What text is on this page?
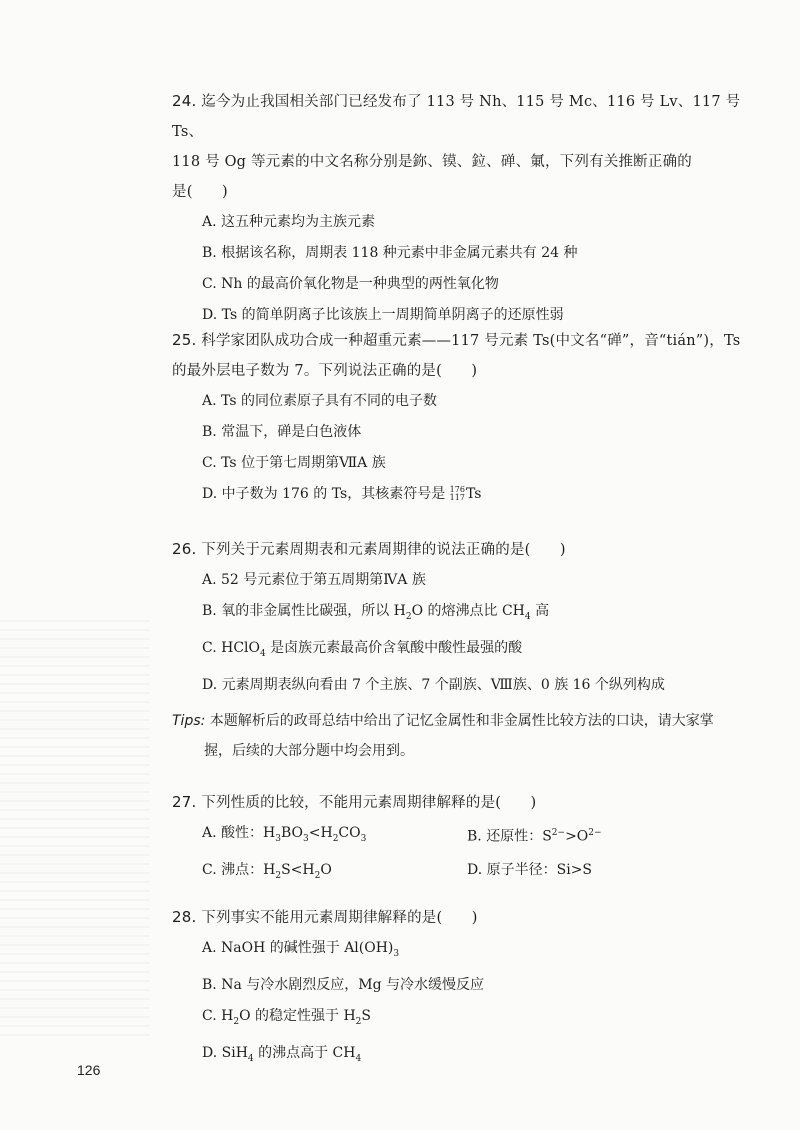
24. 迄今为止我国相关部门已经发布了 113 号 Nh、115 号 Mc、116 号 Lv、117 号 Ts、
118 号 Og 等元素的中文名称分别是鉨、镆、鉝、䃅、氭，下列有关推断正确的
是(　　)
A. 这五种元素均为主族元素
B. 根据该名称，周期表 118 种元素中非金属元素共有 24 种
C. Nh 的最高价氧化物是一种典型的两性氧化物
D. Ts 的简单阴离子比该族上一周期简单阴离子的还原性弱
25. 科学家团队成功合成一种超重元素——117 号元素 Ts(中文名“䃅”，音“tián”)，Ts
的最外层电子数为 7。下列说法正确的是(　　)
A. Ts 的同位素原子具有不同的电子数
B. 常温下，䃅是白色液体
C. Ts 位于第七周期第ⅦA 族
D. 中子数为 176 的 Ts，其核素符号是 176
117 Ts
26. 下列关于元素周期表和元素周期律的说法正确的是(　　)
A. 52 号元素位于第五周期第ⅣA 族
B. 氧的非金属性比碳强，所以 $H_2O$ 的熔沸点比 $CH_4$ 高
C. HClO$_4$ 是卤族元素最高价含氧酸中酸性最强的酸
D. 元素周期表纵向看由 7 个主族、7 个副族、Ⅷ族、0 族 16 个纵列构成
Tips: 本题解析后的政哥总结中给出了记忆金属性和非金属性比较方法的口诀，请大家掌
握，后续的大部分题中均会用到。
27. 下列性质的比较，不能用元素周期律解释的是(　　)
A. 酸性：$H_3BO_3<H_2CO_3$	B. 还原性：$S^{2-}>O^{2-}$
C. 沸点：$H_2S<H_2O$	D. 原子半径：Si>S
28. 下列事实不能用元素周期律解释的是(　　)
A. NaOH 的碱性强于 $Al(OH)_3$
B. Na 与冷水剧烈反应，Mg 与冷水缓慢反应
C. $H_2O$ 的稳定性强于 $H_2S$
D. SiH$_4$ 的沸点高于 $CH_4$
126
